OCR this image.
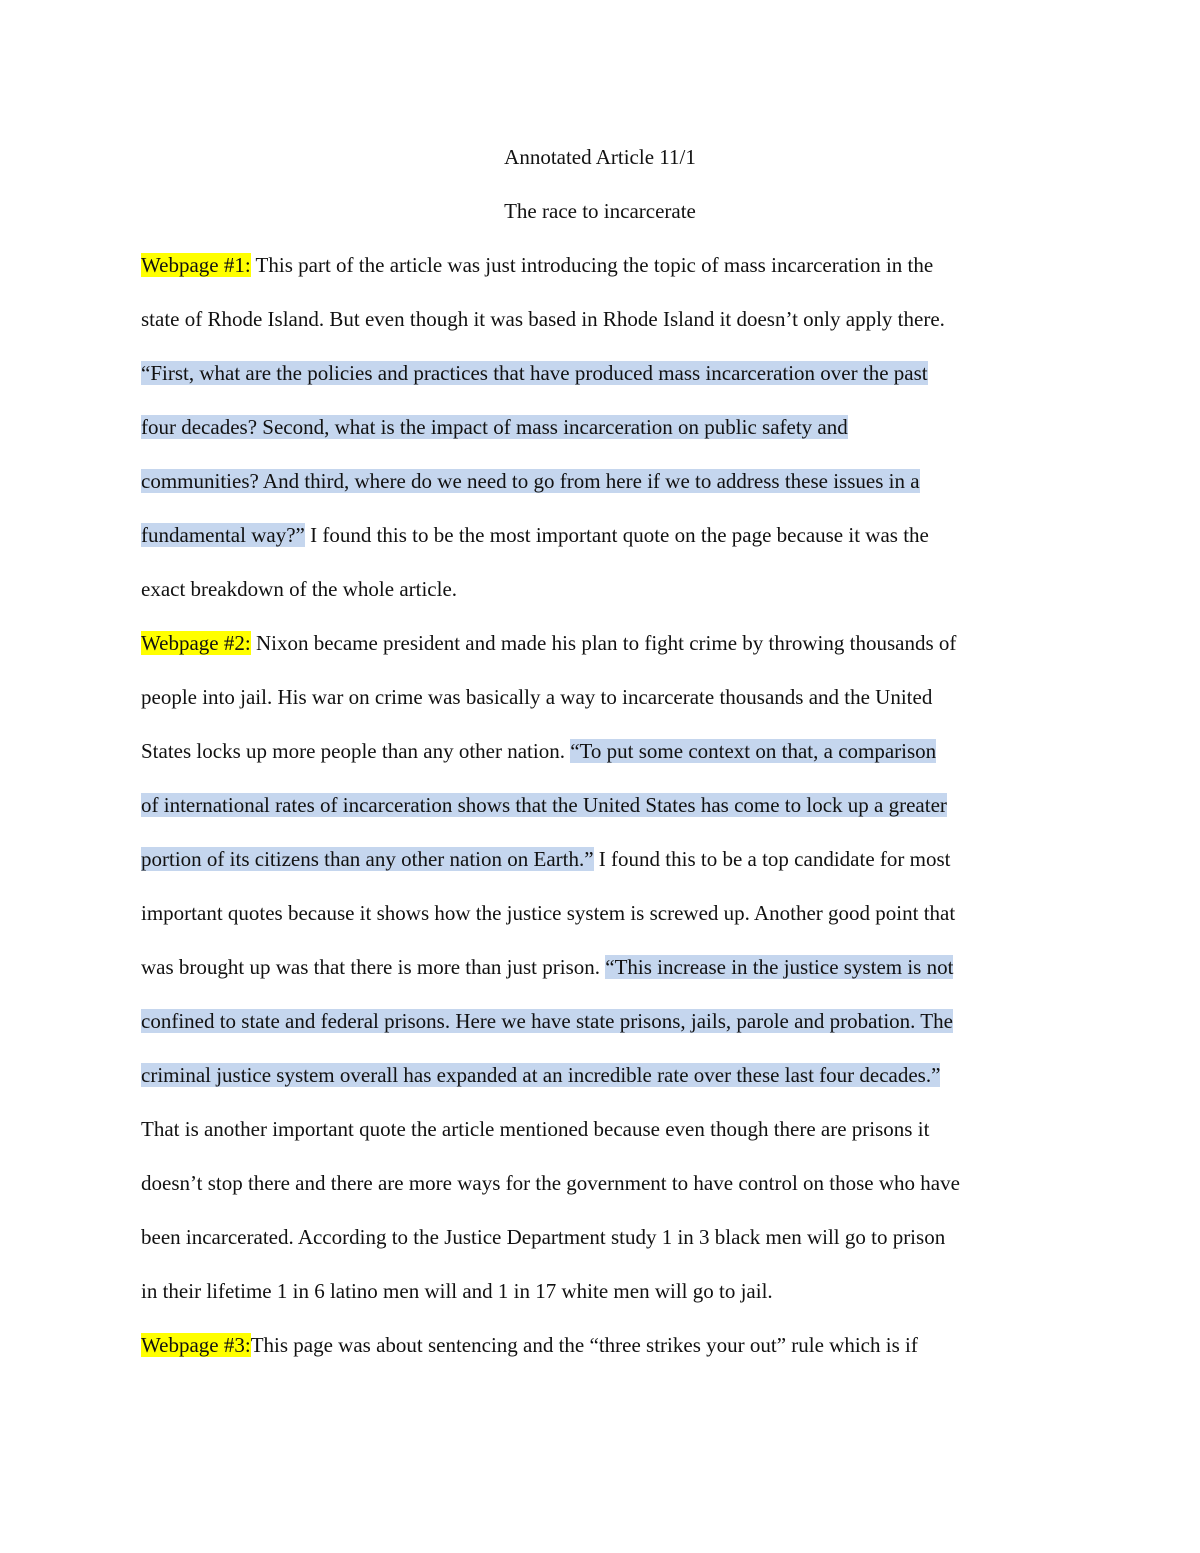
Annotated Article 11/1
The race to incarcerate
Webpage #1: This part of the article was just introducing the topic of mass incarceration in the
state of Rhode Island. But even though it was based in Rhode Island it doesn’t only apply there.
“First, what are the policies and practices that have produced mass incarceration over the past
four decades? Second, what is the impact of mass incarceration on public safety and
communities? And third, where do we need to go from here if we to address these issues in a
fundamental way?” I found this to be the most important quote on the page because it was the
exact breakdown of the whole article.
Webpage #2: Nixon became president and made his plan to fight crime by throwing thousands of
people into jail. His war on crime was basically a way to incarcerate thousands and the United
States locks up more people than any other nation. “To put some context on that, a comparison
of international rates of incarceration shows that the United States has come to lock up a greater
portion of its citizens than any other nation on Earth.” I found this to be a top candidate for most
important quotes because it shows how the justice system is screwed up. Another good point that
was brought up was that there is more than just prison. “This increase in the justice system is not
confined to state and federal prisons. Here we have state prisons, jails, parole and probation. The
criminal justice system overall has expanded at an incredible rate over these last four decades.”
That is another important quote the article mentioned because even though there are prisons it
doesn’t stop there and there are more ways for the government to have control on those who have
been incarcerated. According to the Justice Department study 1 in 3 black men will go to prison
in their lifetime 1 in 6 latino men will and 1 in 17 white men will go to jail.
Webpage #3:This page was about sentencing and the “three strikes your out” rule which is if
